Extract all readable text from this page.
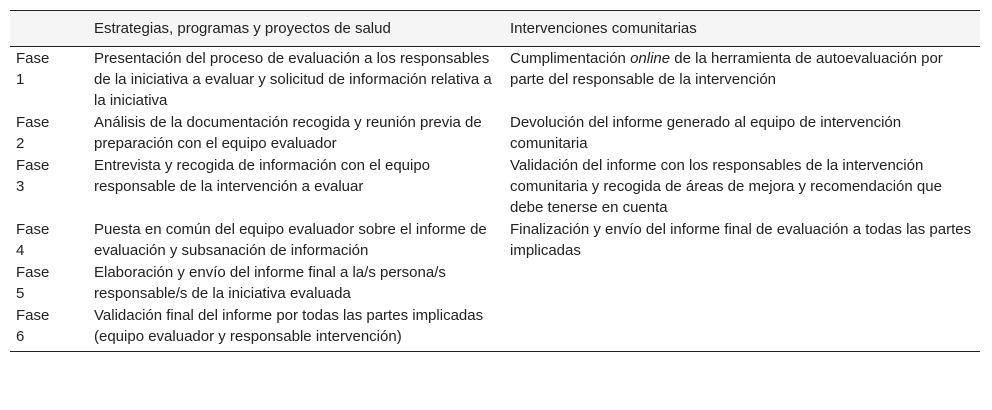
	Estrategias, programas y proyectos de salud	Intervenciones comunitarias
Fase
1	Presentación del proceso de evaluación a los responsables de la iniciativa a evaluar y solicitud de información relativa a la iniciativa	Cumplimentación online de la herramienta de autoevaluación por parte del responsable de la intervención
Fase
2	Análisis de la documentación recogida y reunión previa de preparación con el equipo evaluador	Devolución del informe generado al equipo de intervención comunitaria
Fase
3	Entrevista y recogida de información con el equipo responsable de la intervención a evaluar	Validación del informe con los responsables de la intervención comunitaria y recogida de áreas de mejora y recomendación que debe tenerse en cuenta
Fase
4	Puesta en común del equipo evaluador sobre el informe de evaluación y subsanación de información	Finalización y envío del informe final de evaluación a todas las partes implicadas
Fase
5	Elaboración y envío del informe final a la/s persona/s responsable/s de la iniciativa evaluada	
Fase
6	Validación final del informe por todas las partes implicadas (equipo evaluador y responsable intervención)	
